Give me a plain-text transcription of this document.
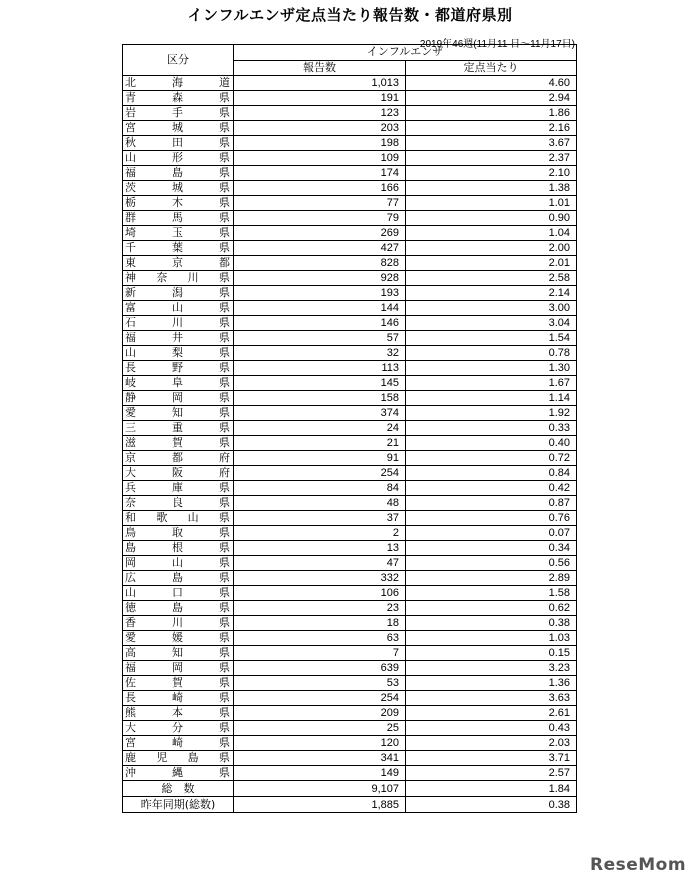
インフルエンザ定点当たり報告数・都道府県別
2019年46週(11月11 日〜11月17日)
区分	インフルエンザ	
	報告数	定点当たり

北 海 道	1,013	4.60

青 森 県	191	2.94

岩 手 県	123	1.86

宮 城 県	203	2.16

秋 田 県	198	3.67

山 形 県	109	2.37

福 島 県	174	2.10

茨 城 県	166	1.38

栃 木 県	77	1.01

群 馬 県	79	0.90

埼 玉 県	269	1.04

千 葉 県	427	2.00

東 京 都	828	2.01

神 奈 川 県	928	2.58

新 潟 県	193	2.14

富 山 県	144	3.00

石 川 県	146	3.04

福 井 県	57	1.54

山 梨 県	32	0.78

長 野 県	113	1.30

岐 阜 県	145	1.67

静 岡 県	158	1.14

愛 知 県	374	1.92

三 重 県	24	0.33

滋 賀 県	21	0.40

京 都 府	91	0.72

大 阪 府	254	0.84

兵 庫 県	84	0.42

奈 良 県	48	0.87

和 歌 山 県	37	0.76

鳥 取 県	2	0.07

島 根 県	13	0.34

岡 山 県	47	0.56

広 島 県	332	2.89

山 口 県	106	1.58

徳 島 県	23	0.62

香 川 県	18	0.38

愛 媛 県	63	1.03

高 知 県	7	0.15

福 岡 県	639	3.23

佐 賀 県	53	1.36

長 崎 県	254	3.63

熊 本 県	209	2.61

大 分 県	25	0.43

宮 崎 県	120	2.03

鹿 児 島 県	341	3.71

沖 縄 県	149	2.57
総　数	9,107	1.84
昨年同期(総数)	1,885	0.38
ReseMom
